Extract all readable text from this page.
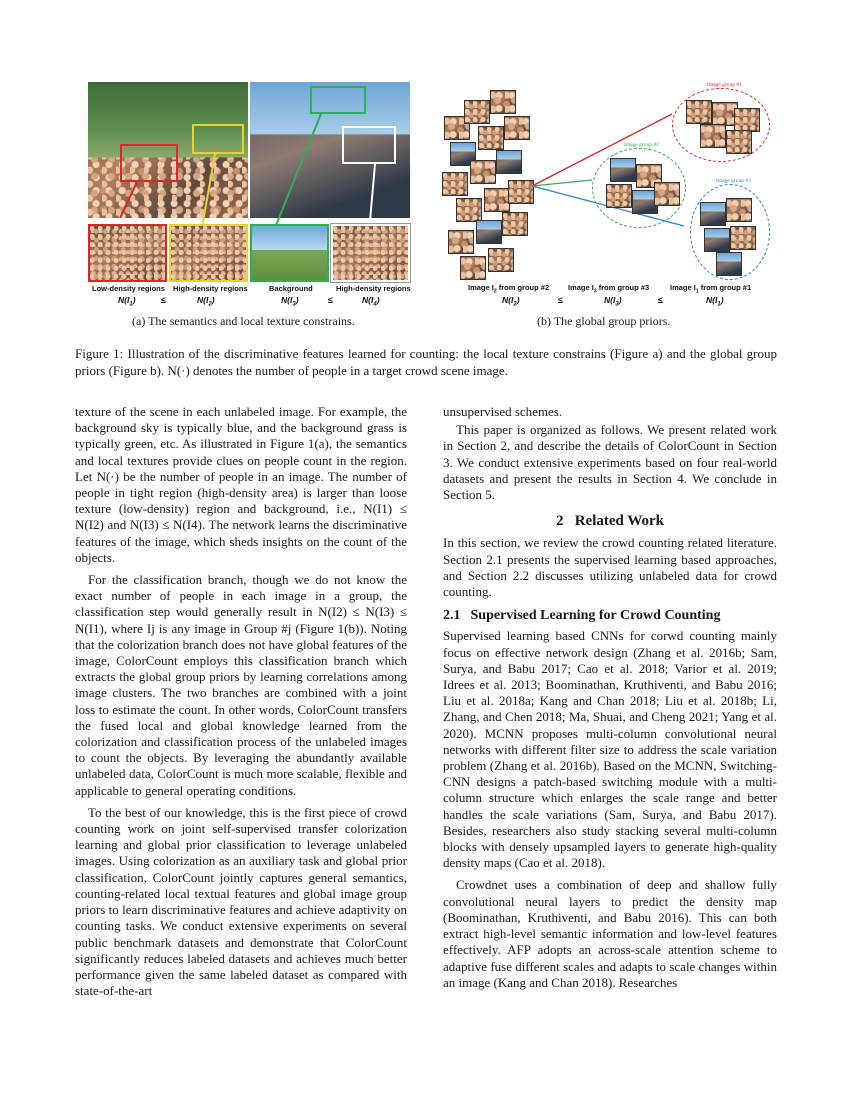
Low-density regions High-density regions	Background	High-density regions
$N(I_1)$	≤	$N(I_2)$	$N(I_3)$	≤	$N(I_4)$
(a) The semantics and local texture constrains.
Image group #1
Image group #2
Image group #3
Image $I_2$ from group #2	Image $I_3$ from group #3	Image $I_1$ from group #1
$N(I_2)$	≤	$N(I_3)$	≤	$N(I_1)$
(b) The global group priors.

Figure 1: Illustration of the discriminative features learned for counting: the local texture constrains (Figure a) and the global group priors (Figure b). N(·) denotes the number of people in a target crowd scene image.

texture of the scene in each unlabeled image. For example, the background sky is typically blue, and the background grass is typically green, etc. As illustrated in Figure 1(a), the semantics and local textures provide clues on people count in the region. Let N(·) be the number of people in an image. The number of people in tight region (high-density area) is larger than loose texture (low-density) region and background, i.e., N(I1) ≤ N(I2) and N(I3) ≤ N(I4). The network learns the discriminative features of the image, which sheds insights on the count of the objects.

For the classification branch, though we do not know the exact number of people in each image in a group, the classification step would generally result in N(I2) ≤ N(I3) ≤ N(I1), where Ij is any image in Group #j (Figure 1(b)). Noting that the colorization branch does not have global features of the image, ColorCount employs this classification branch which extracts the global group priors by learning correlations among image clusters. The two branches are combined with a joint loss to estimate the count. In other words, ColorCount transfers the fused local and global knowledge learned from the colorization and classification process of the unlabeled images to count the objects. By leveraging the abundantly available unlabeled data, ColorCount is much more scalable, flexible and applicable to general operating conditions.

To the best of our knowledge, this is the first piece of crowd counting work on joint self-supervised transfer colorization learning and global prior classification to leverage unlabeled images. Using colorization as an auxiliary task and global prior classification, ColorCount jointly captures general semantics, counting-related local textual features and global image group priors to learn discriminative features and achieve adaptivity on counting tasks. We conduct extensive experiments on several public benchmark datasets and demonstrate that ColorCount significantly reduces labeled datasets and achieves much better performance given the same labeled dataset as compared with state-of-the-art

unsupervised schemes.

This paper is organized as follows. We present related work in Section 2, and describe the details of ColorCount in Section 3. We conduct extensive experiments based on four real-world datasets and present the results in Section 4. We conclude in Section 5.

2   Related Work

In this section, we review the crowd counting related literature. Section 2.1 presents the supervised learning based approaches, and Section 2.2 discusses utilizing unlabeled data for crowd counting.

2.1 Supervised Learning for Crowd Counting

Supervised learning based CNNs for corwd counting mainly focus on effective network design (Zhang et al. 2016b; Sam, Surya, and Babu 2017; Cao et al. 2018; Varior et al. 2019; Idrees et al. 2013; Boominathan, Kruthiventi, and Babu 2016; Liu et al. 2018a; Kang and Chan 2018; Liu et al. 2018b; Li, Zhang, and Chen 2018; Ma, Shuai, and Cheng 2021; Yang et al. 2020). MCNN proposes multi-column convolutional neural networks with different filter size to address the scale variation problem (Zhang et al. 2016b). Based on the MCNN, Switching-CNN designs a patch-based switching module with a multi-column structure which enlarges the scale range and better handles the scale variations (Sam, Surya, and Babu 2017). Besides, researchers also study stacking several multi-column blocks with densely upsampled layers to generate high-quality density maps (Cao et al. 2018).

Crowdnet uses a combination of deep and shallow fully convolutional neural layers to predict the density map (Boominathan, Kruthiventi, and Babu 2016). This can both extract high-level semantic information and low-level features effectively. AFP adopts an across-scale attention scheme to adaptive fuse different scales and adapts to scale changes within an image (Kang and Chan 2018). Researches
